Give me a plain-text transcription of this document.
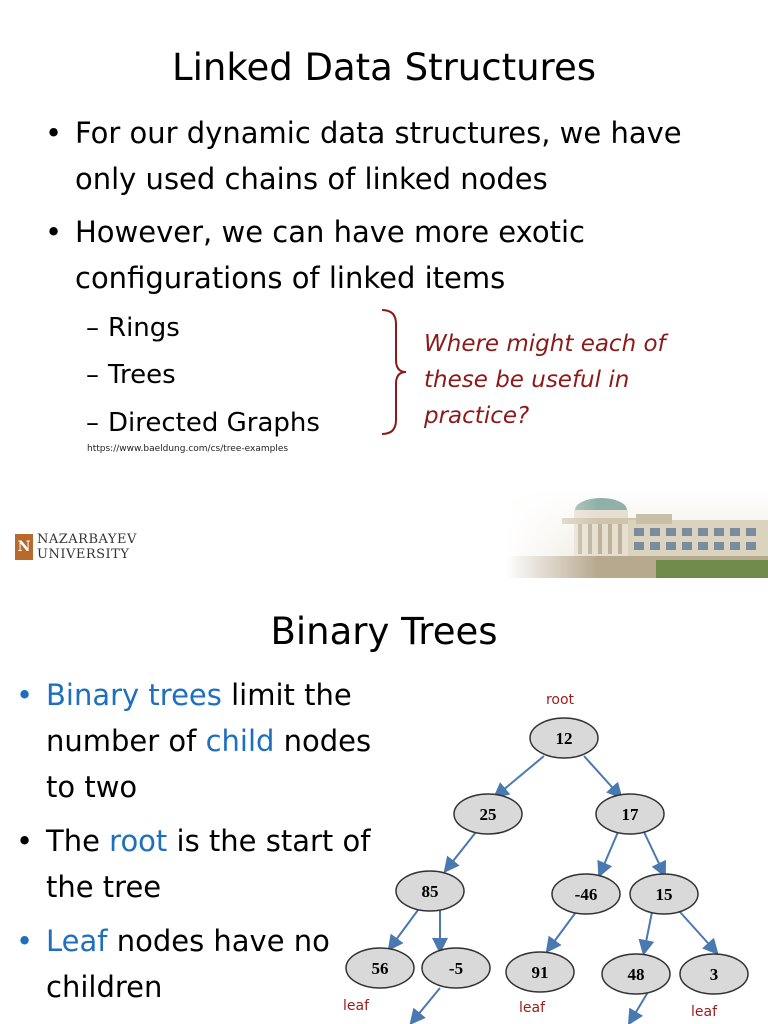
Linked Data Structures
• For our dynamic data structures, we have only used chains of linked nodes
• However, we can have more exotic configurations of linked items
– Rings
– Trees
– Directed Graphs
Where might each of these be useful in practice?
https://www.baeldung.com/cs/tree-examples
N NAZARBAYEV
UNIVERSITY
Binary Trees
• Binary trees limit the number of child nodes to two
• The root is the start of the tree
• Leaf nodes have no children
root
12
25	17
85	-46	15
56	-5	91	48	3
leaf	leaf	leaf
